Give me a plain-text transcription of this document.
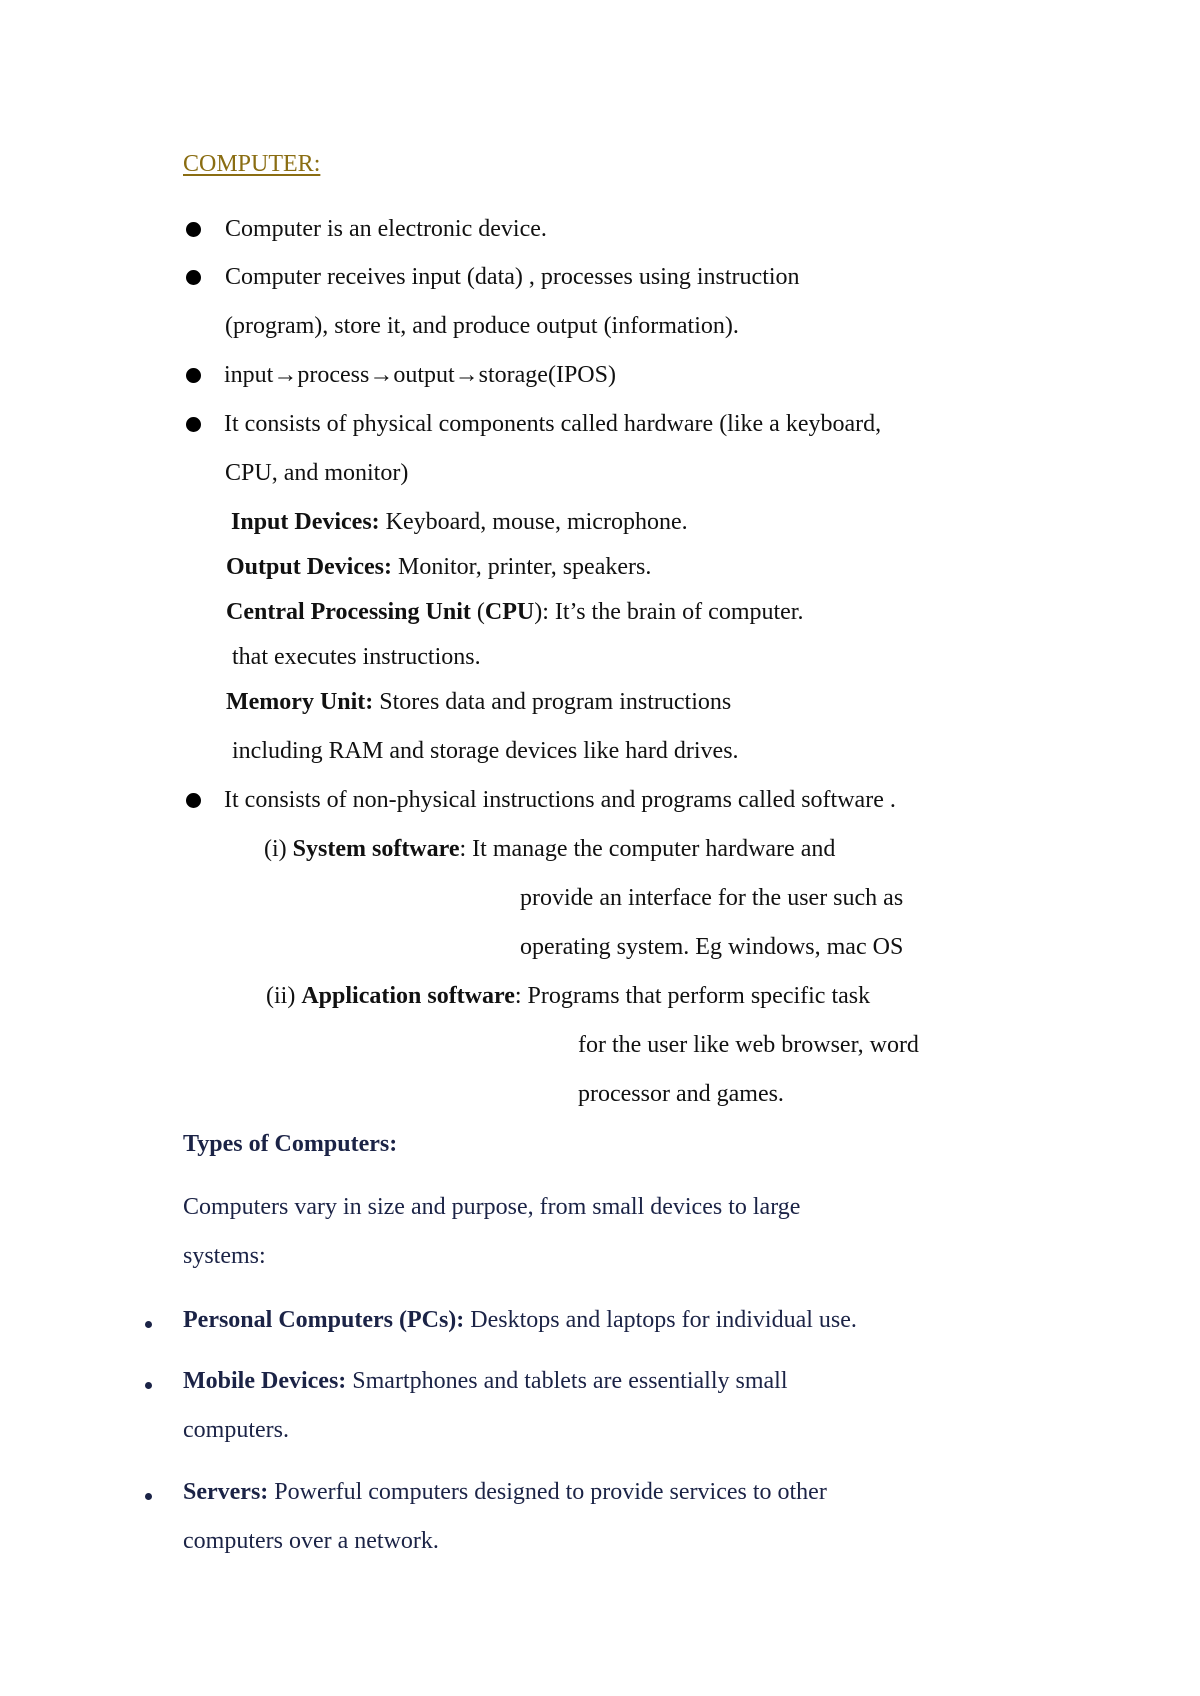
COMPUTER:
Computer is an electronic device.
Computer receives input (data) , processes using instruction
(program), store it, and produce output (information).
input→process→output→storage(IPOS)
It consists of physical components called hardware (like a keyboard,
CPU, and monitor)
Input Devices: Keyboard, mouse, microphone.
Output Devices: Monitor, printer, speakers.
Central Processing Unit (CPU): It’s the brain of computer.
that executes instructions.
Memory Unit: Stores data and program instructions
including RAM and storage devices like hard drives.
It consists of non-physical instructions and programs called software .
(i) System software: It manage the computer hardware and
provide an interface for the user such as
operating system. Eg windows, mac OS
(ii) Application software: Programs that perform specific task
for the user like web browser, word
processor and games.
Types of Computers:
Computers vary in size and purpose, from small devices to large
systems:
Personal Computers (PCs): Desktops and laptops for individual use.
Mobile Devices: Smartphones and tablets are essentially small
computers.
Servers: Powerful computers designed to provide services to other
computers over a network.
